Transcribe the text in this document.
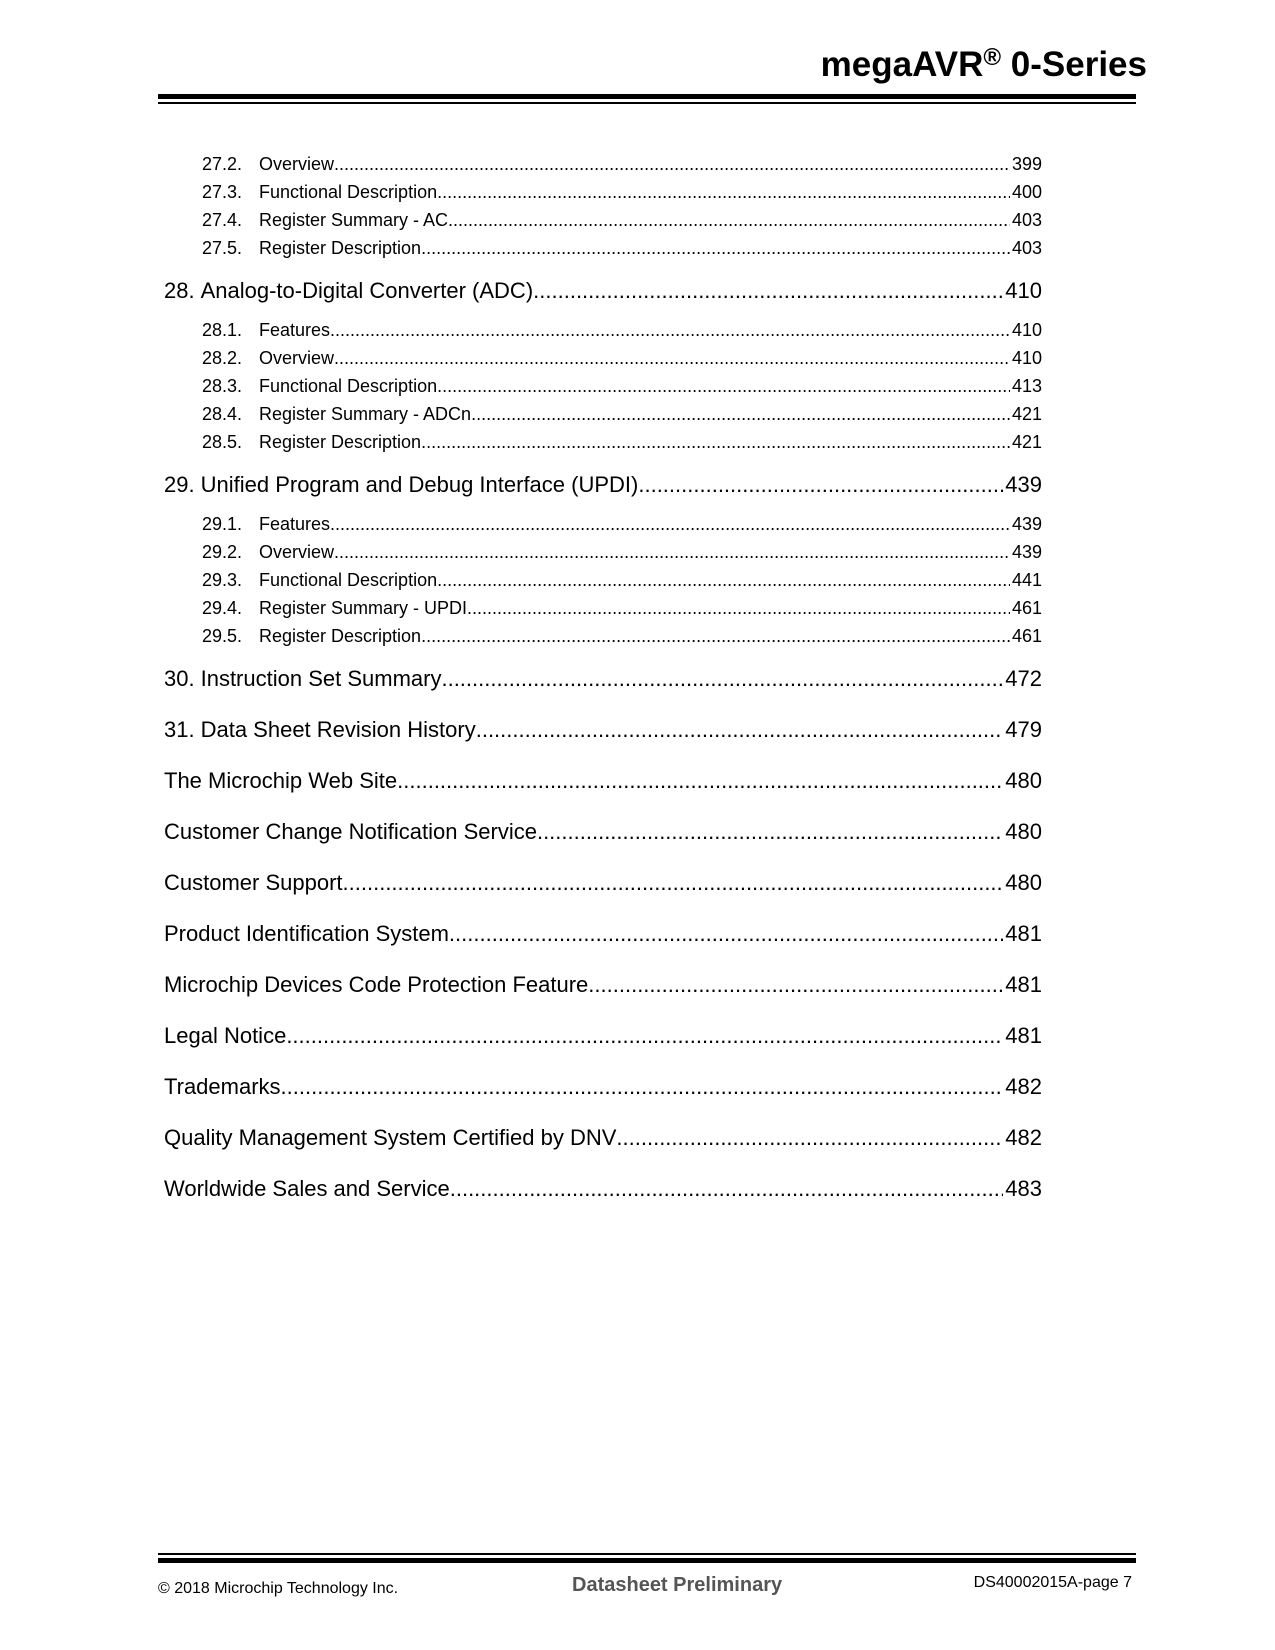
megaAVR® 0-Series
27.2. Overview .....	399
27.3. Functional Description .....	400
27.4. Register Summary - AC .....	403
27.5. Register Description .....	403
28. Analog-to-Digital Converter (ADC) .....	410
28.1. Features .....	410
28.2. Overview .....	410
28.3. Functional Description .....	413
28.4. Register Summary - ADCn .....	421
28.5. Register Description .....	421
29. Unified Program and Debug Interface (UPDI) .....	439
29.1. Features .....	439
29.2. Overview .....	439
29.3. Functional Description .....	441
29.4. Register Summary - UPDI .....	461
29.5. Register Description .....	461
30. Instruction Set Summary .....	472
31. Data Sheet Revision History .....	479
The Microchip Web Site .....	480
Customer Change Notification Service .....	480
Customer Support .....	480
Product Identification System .....	481
Microchip Devices Code Protection Feature .....	481
Legal Notice .....	481
Trademarks .....	482
Quality Management System Certified by DNV .....	482
Worldwide Sales and Service .....	483
© 2018 Microchip Technology Inc.	Datasheet Preliminary	DS40002015A-page 7
